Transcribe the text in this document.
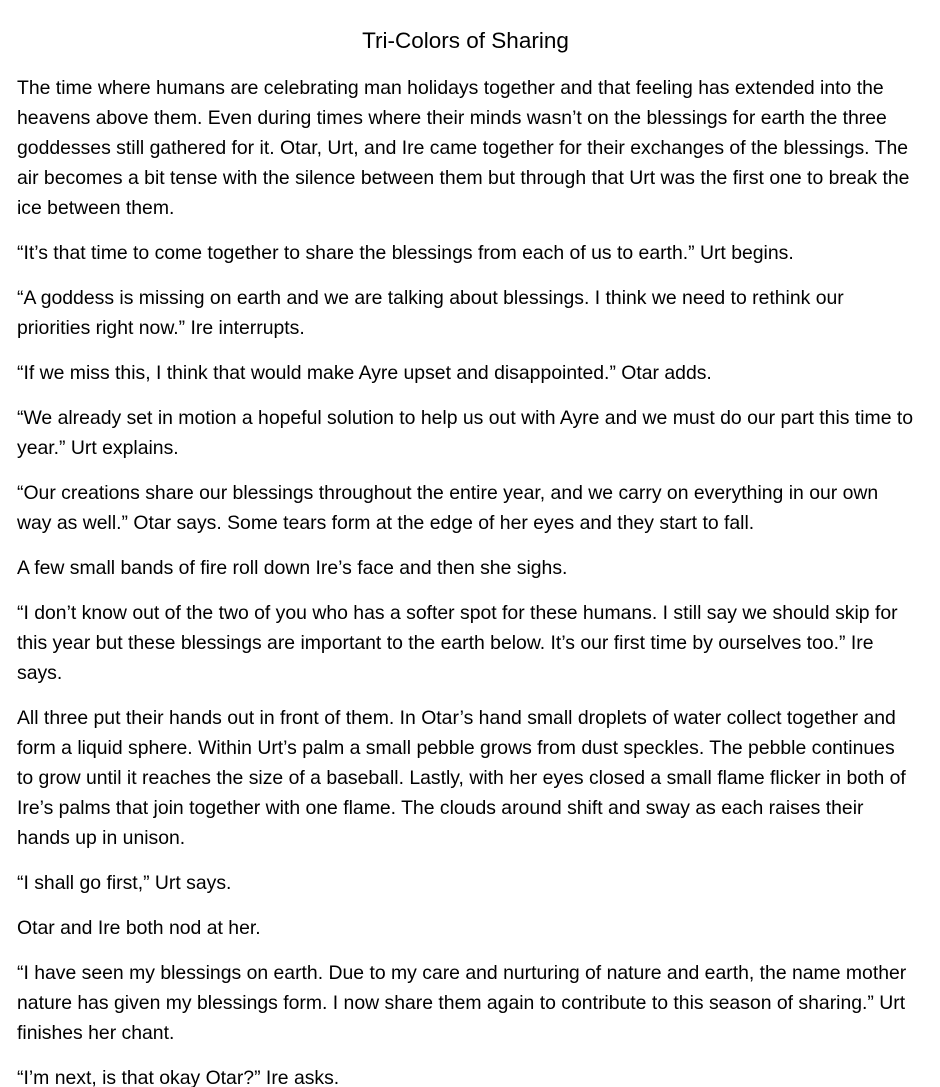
Tri-Colors of Sharing

The time where humans are celebrating man holidays together and that feeling has extended into the heavens above them. Even during times where their minds wasn’t on the blessings for earth the three goddesses still gathered for it. Otar, Urt, and Ire came together for their exchanges of the blessings. The air becomes a bit tense with the silence between them but through that Urt was the first one to break the ice between them.

“It’s that time to come together to share the blessings from each of us to earth.” Urt begins.

“A goddess is missing on earth and we are talking about blessings. I think we need to rethink our priorities right now.” Ire interrupts.

“If we miss this, I think that would make Ayre upset and disappointed.” Otar adds.

“We already set in motion a hopeful solution to help us out with Ayre and we must do our part this time to year.” Urt explains.

“Our creations share our blessings throughout the entire year, and we carry on everything in our own way as well.” Otar says. Some tears form at the edge of her eyes and they start to fall.

A few small bands of fire roll down Ire’s face and then she sighs.

“I don’t know out of the two of you who has a softer spot for these humans. I still say we should skip for this year but these blessings are important to the earth below. It’s our first time by ourselves too.” Ire says.

All three put their hands out in front of them. In Otar’s hand small droplets of water collect together and form a liquid sphere. Within Urt’s palm a small pebble grows from dust speckles. The pebble continues to grow until it reaches the size of a baseball. Lastly, with her eyes closed a small flame flicker in both of Ire’s palms that join together with one flame. The clouds around shift and sway as each raises their hands up in unison.

“I shall go first,” Urt says.

Otar and Ire both nod at her.

“I have seen my blessings on earth. Due to my care and nurturing of nature and earth, the name mother nature has given my blessings form. I now share them again to contribute to this season of sharing.” Urt finishes her chant.

“I’m next, is that okay Otar?” Ire asks.
